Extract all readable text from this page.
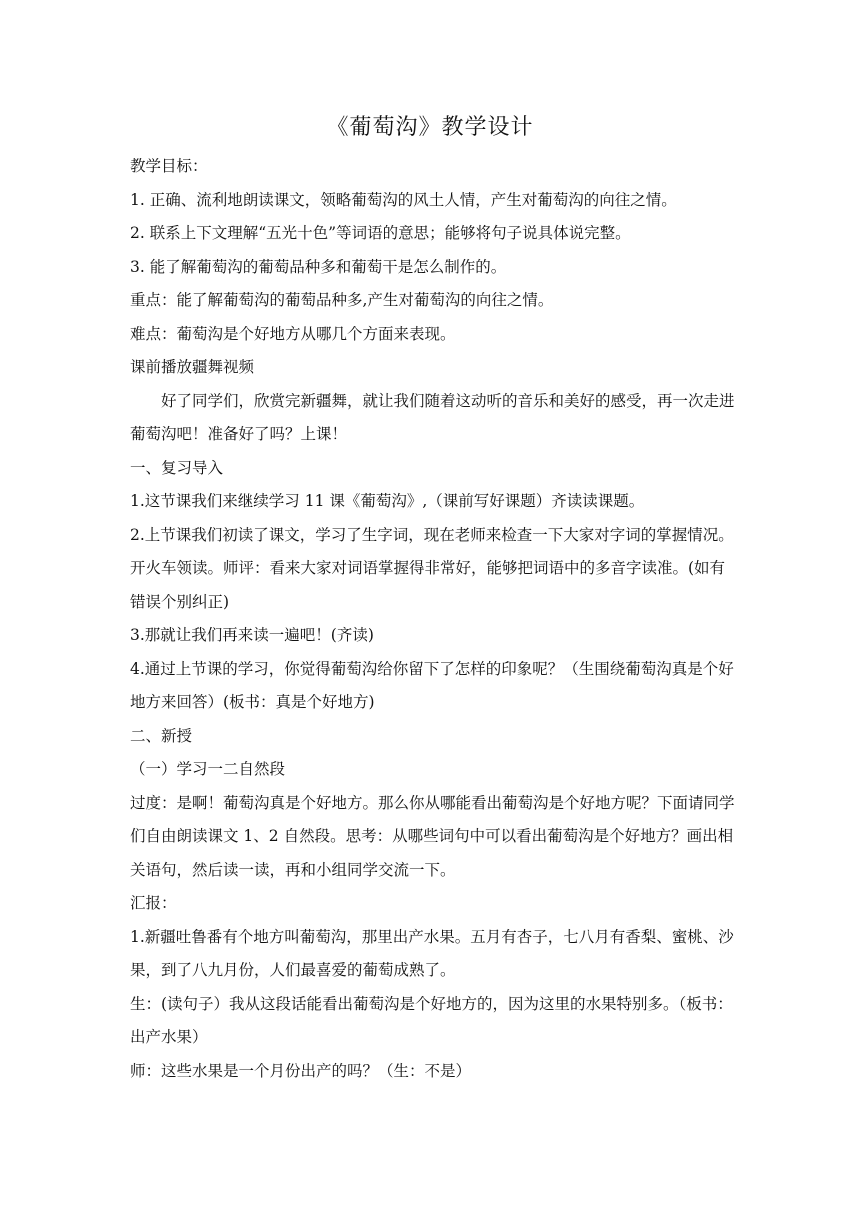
《葡萄沟》教学设计

教学目标：

1. 正确、流利地朗读课文，领略葡萄沟的风土人情，产生对葡萄沟的向往之情。

2. 联系上下文理解“五光十色”等词语的意思；能够将句子说具体说完整。

3. 能了解葡萄沟的葡萄品种多和葡萄干是怎么制作的。

重点：能了解葡萄沟的葡萄品种多,产生对葡萄沟的向往之情。

难点：葡萄沟是个好地方从哪几个方面来表现。

课前播放疆舞视频

好了同学们，欣赏完新疆舞，就让我们随着这动听的音乐和美好的感受，再一次走进葡萄沟吧！准备好了吗？上课！

一、复习导入

1.这节课我们来继续学习 11 课《葡萄沟》,（课前写好课题）齐读读课题。

2.上节课我们初读了课文，学习了生字词，现在老师来检查一下大家对字词的掌握情况。开火车领读。师评：看来大家对词语掌握得非常好，能够把词语中的多音字读准。(如有错误个别纠正)

3.那就让我们再来读一遍吧！(齐读)

4.通过上节课的学习，你觉得葡萄沟给你留下了怎样的印象呢？（生围绕葡萄沟真是个好地方来回答）(板书：真是个好地方)

二、新授

（一）学习一二自然段

过度：是啊！葡萄沟真是个好地方。那么你从哪能看出葡萄沟是个好地方呢？下面请同学们自由朗读课文 1、2 自然段。思考：从哪些词句中可以看出葡萄沟是个好地方？画出相关语句，然后读一读，再和小组同学交流一下。

汇报：

1.新疆吐鲁番有个地方叫葡萄沟，那里出产水果。五月有杏子，七八月有香梨、蜜桃、沙果，到了八九月份，人们最喜爱的葡萄成熟了。

生：(读句子）我从这段话能看出葡萄沟是个好地方的，因为这里的水果特别多。（板书：出产水果）

师：这些水果是一个月份出产的吗？（生：不是）
